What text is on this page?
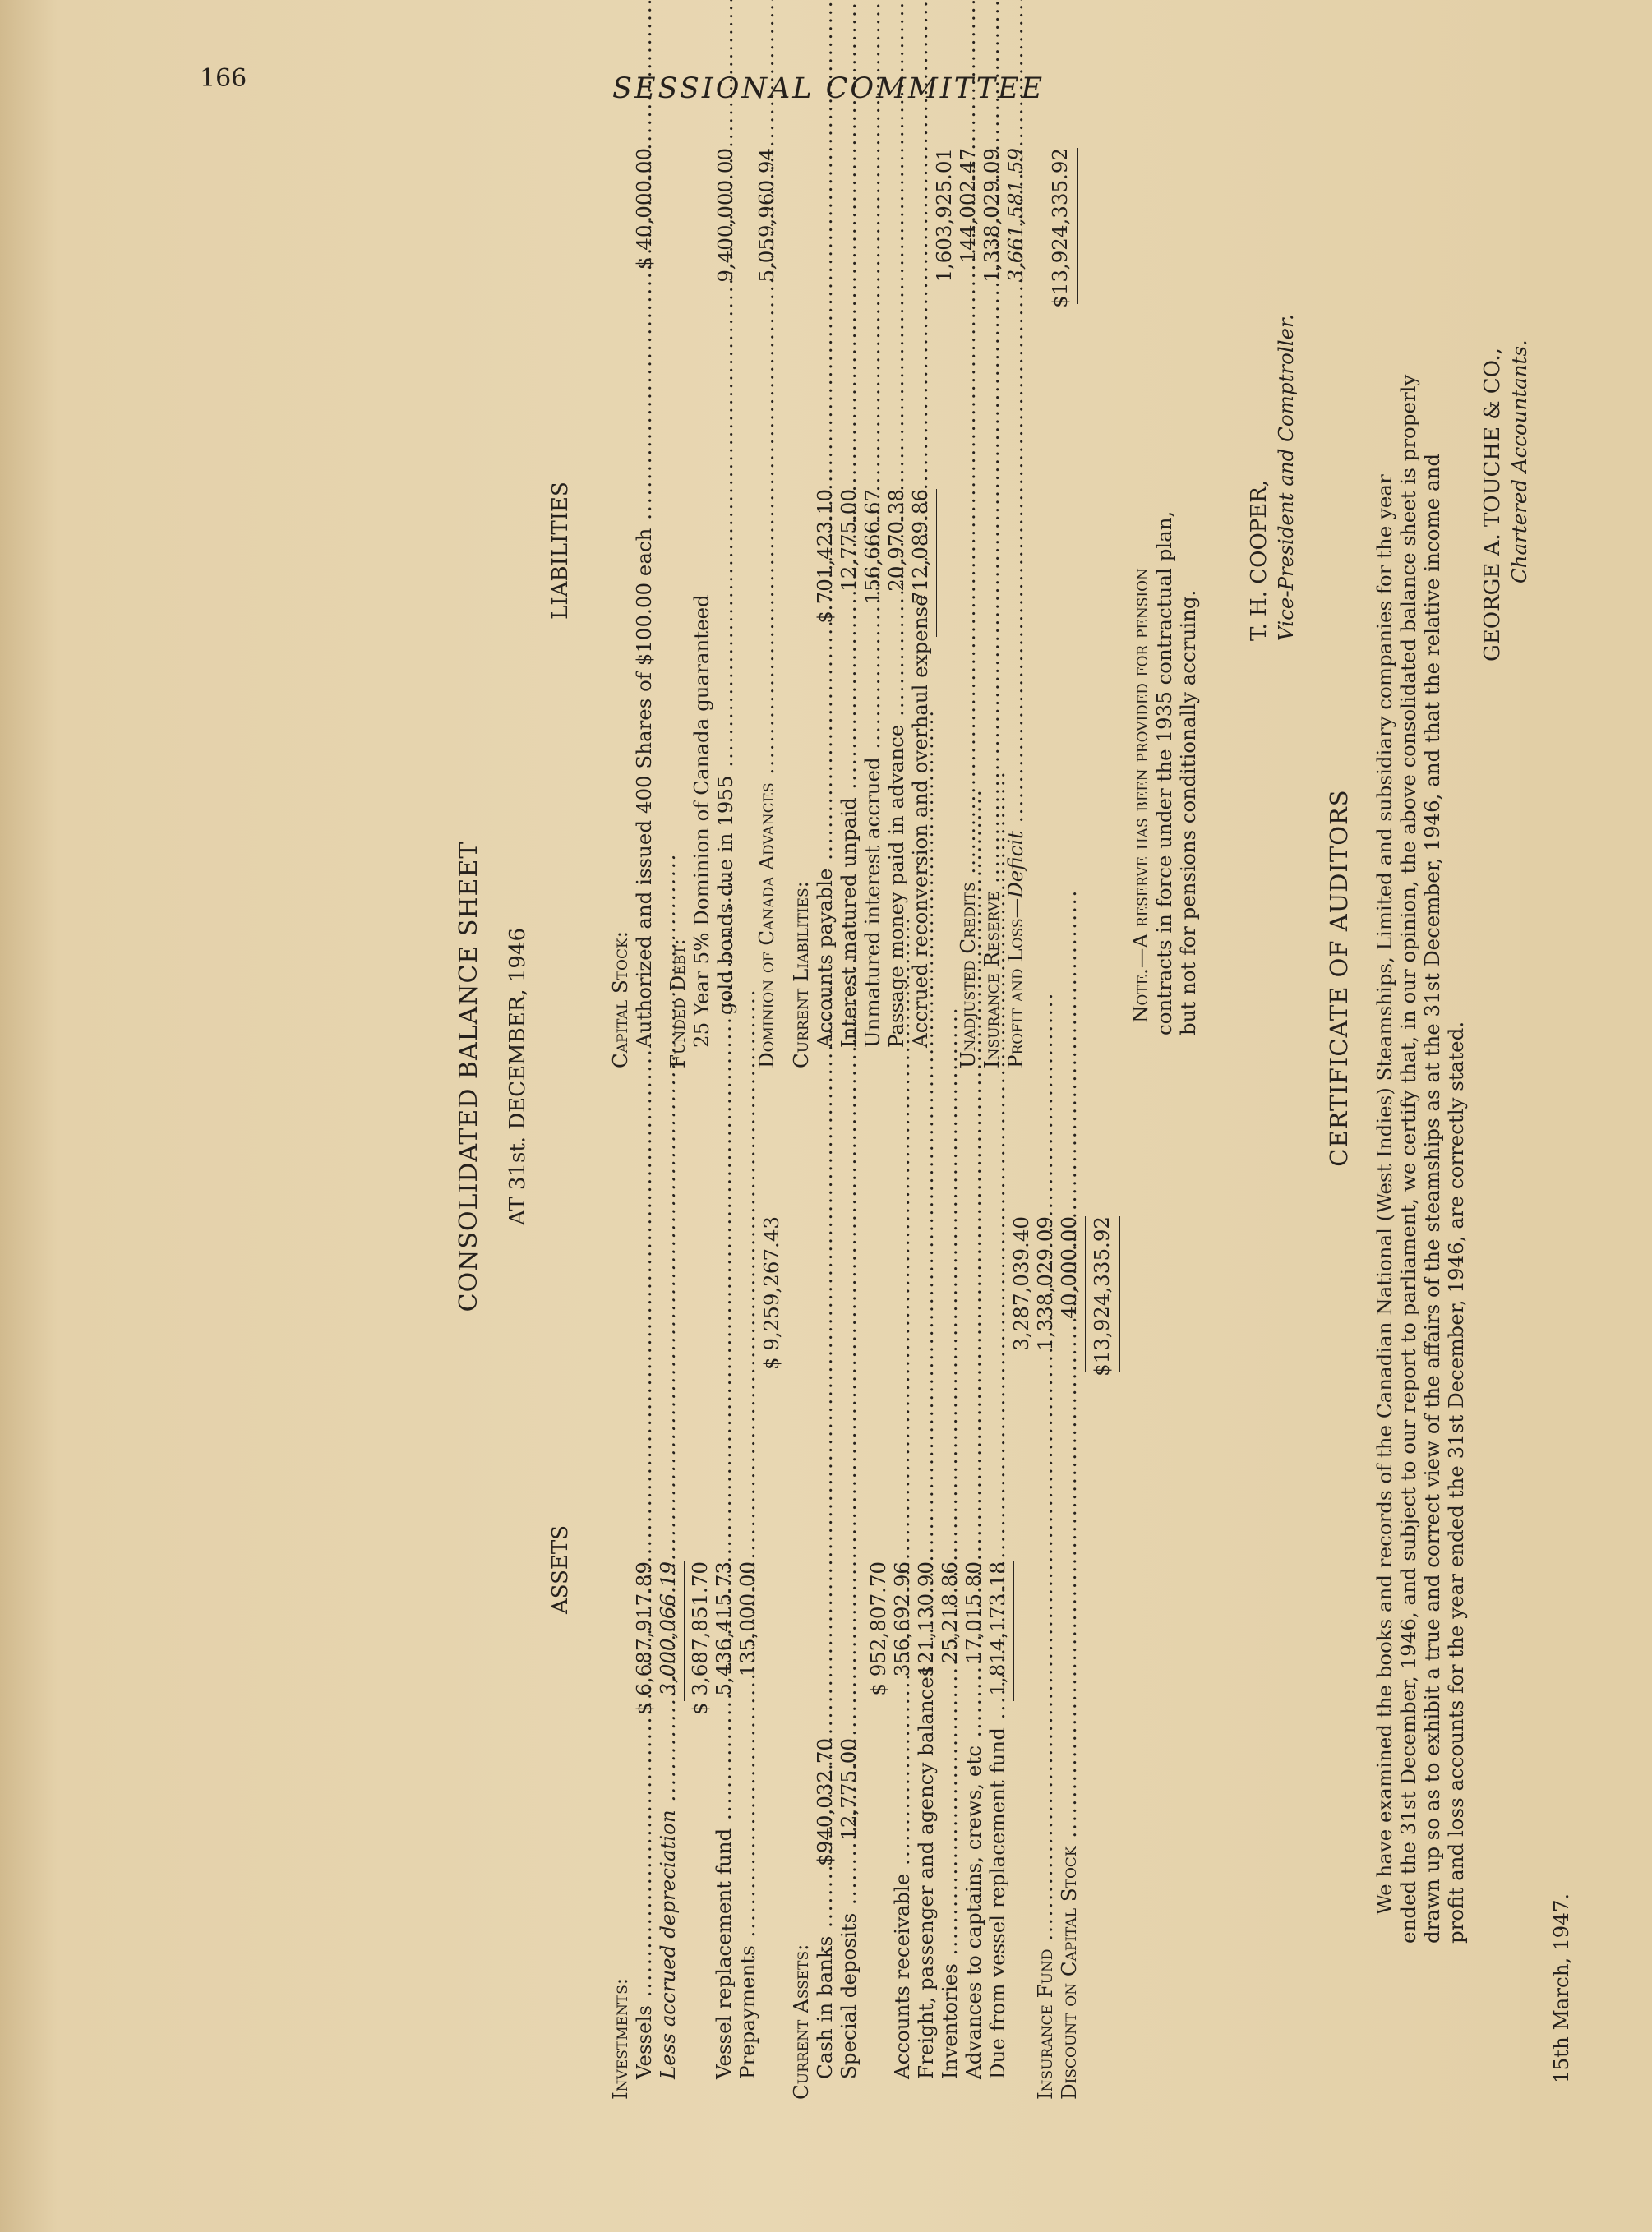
166	SESSIONAL COMMITTEE
CONSOLIDATED BALANCE SHEET AT 31st. DECEMBER, 1946
ASSETS
LIABILITIES
Investments: Vessels .....
$ 6,687,917.89
Less accrued depreciation .....
3,000,066.19 $ 3,687,851.70
Vessel replacement fund .....
5,436,415.73
Prepayments .....
135,000.00
$ 9,259,267.43
Current Assets: Cash in banks .....
$940,032.70
Special deposits .....
12,775.00
$ 952,807.70
Accounts receivable .....
356,692.96
Freight, passenger and agency balances .....
121,130.90
Inventories .....
25,218.86
Advances to captains, crews, etc .....
17,015.80
Due from vessel replacement fund .....
1,814,173.18
3,287,039.40
Insurance Fund .....
1,338,029.09
Discount on Capital Stock .....
40,000.00 $13,924,335.92
Capital Stock: Authorized and issued 400 Shares of $100.00 each .....
$ 40,000.00
Funded Debt: 25 Year 5% Dominion of Canada guaranteed gold bonds due in 1955 .....
9,400,000.00
Dominion of Canada Advances .....
5,059,960.94
Current Liabilities: Accounts payable .....
$ 701,423.10
Interest matured unpaid .....
12,775.00
Unmatured interest accrued .....
156,666.67
Passage money paid in advance .....
20,970.38
Accrued reconversion and overhaul expense .....
712,089.86
1,603,925.01
Unadjusted Credits .....
144,002.47
Insurance Reserve .....
1,338,029.09
Profit and Loss—Deficit .....
3,661,581.59 $13,924,335.92
Note.—A reserve has been provided for pension contracts in force under the 1935 contractual plan, but not for pensions conditionally accruing.
T. H. COOPER, Vice-President and Comptroller.
CERTIFICATE OF AUDITORS We have examined the books and records of the Canadian National (West Indies) Steamships, Limited and subsidiary companies for the year ended the 31st December, 1946, and subject to our report to parliament, we certify that, in our opinion, the above consolidated balance sheet is properly drawn up so as to exhibit a true and correct view of the affairs of the steamships as at the 31st December, 1946, and that the relative income and profit and loss accounts for the year ended the 31st December, 1946, are correctly stated.
GEORGE A. TOUCHE & CO., Chartered Accountants.
15th March, 1947.
